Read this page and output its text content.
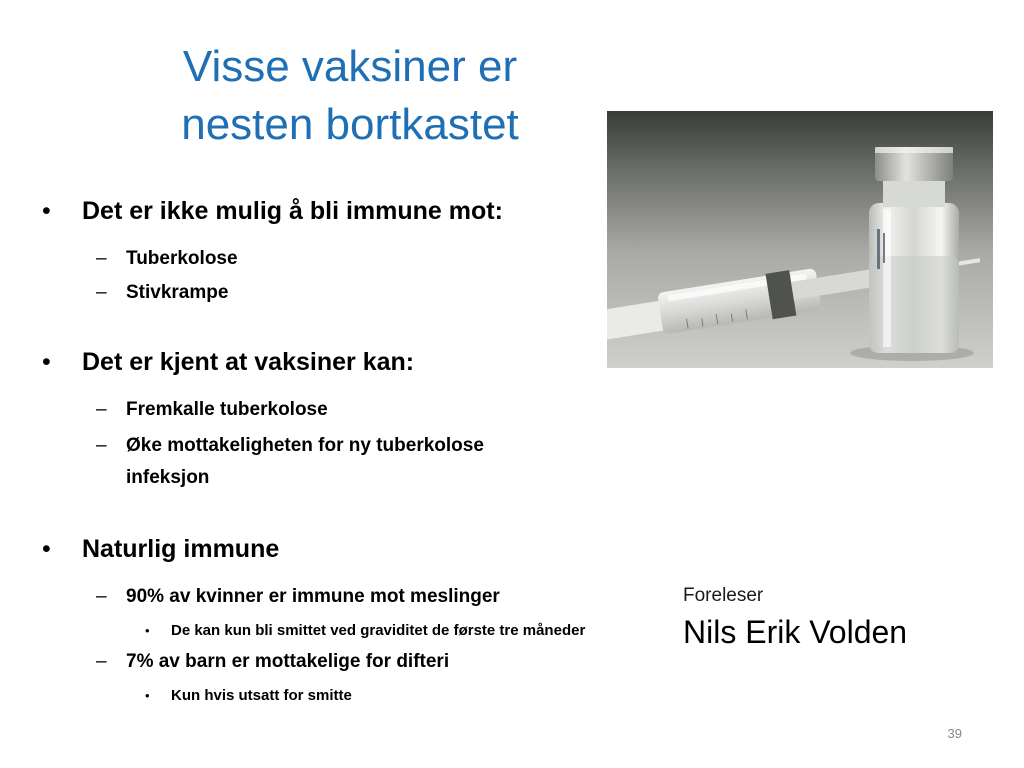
Visse vaksiner er
nesten bortkastet
• Det er ikke mulig å bli immune mot:
– Tuberkolose
– Stivkrampe
• Det er kjent at vaksiner kan:
– Fremkalle tuberkolose
– Øke mottakeligheten for ny tuberkolose infeksjon
• Naturlig immune
– 90% av kvinner er immune mot meslinger
• De kan kun bli smittet ved graviditet de første tre måneder
– 7% av barn er mottakelige for difteri
• Kun hvis utsatt for smitte
Foreleser
Nils Erik Volden
39
